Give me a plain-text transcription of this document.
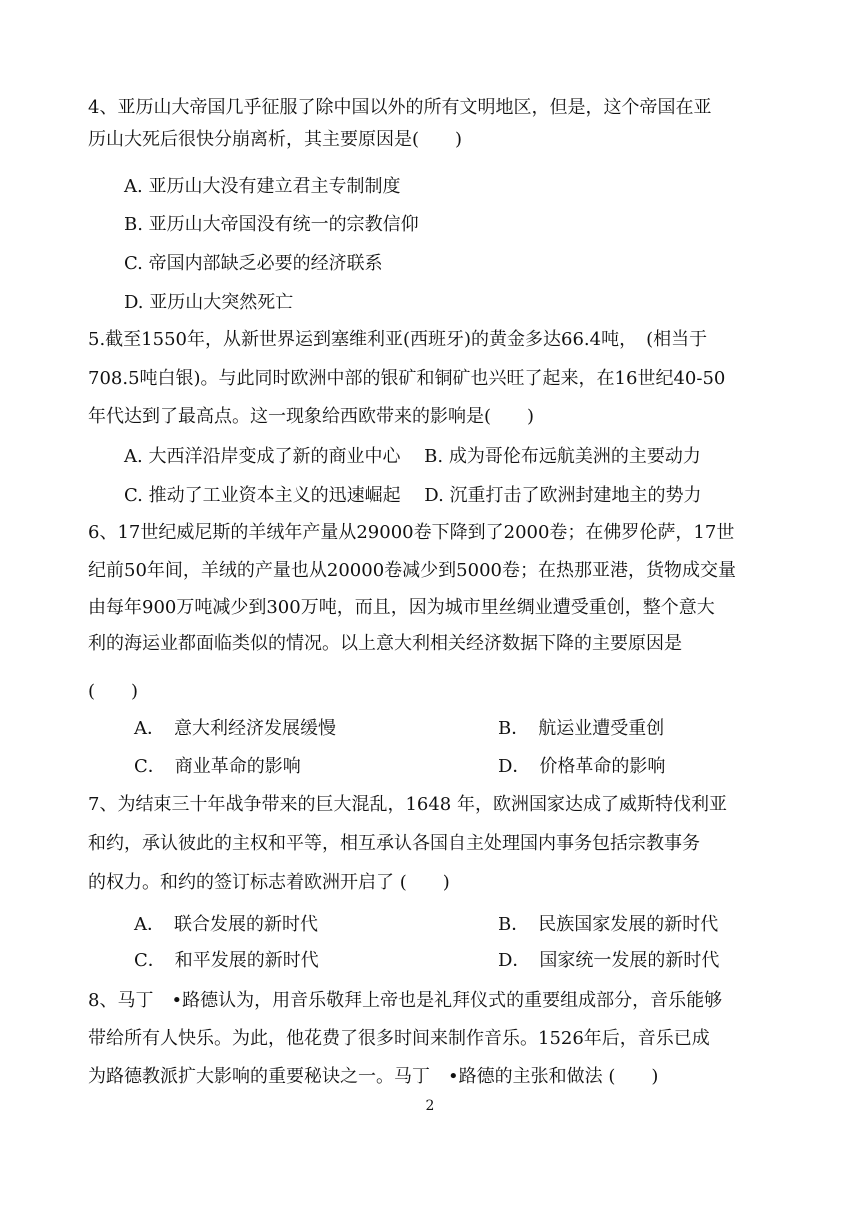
4、亚历山大帝国几乎征服了除中国以外的所有文明地区，但是，这个帝国在亚
历山大死后很快分崩离析，其主要原因是(　　)
A. 亚历山大没有建立君主专制制度
B. 亚历山大帝国没有统一的宗教信仰
C. 帝国内部缺乏必要的经济联系
D. 亚历山大突然死亡
5.截至1550年，从新世界运到塞维利亚(西班牙)的黄金多达66.4吨，　(相当于
708.5吨白银)。与此同时欧洲中部的银矿和铜矿也兴旺了起来，在16世纪40-50
年代达到了最高点。这一现象给西欧带来的影响是(　　)
A. 大西洋沿岸变成了新的商业中心　 B. 成为哥伦布远航美洲的主要动力
C. 推动了工业资本主义的迅速崛起　 D. 沉重打击了欧洲封建地主的势力
6、17世纪威尼斯的羊绒年产量从29000卷下降到了2000卷；在佛罗伦萨，17世
纪前50年间，羊绒的产量也从20000卷减少到5000卷；在热那亚港，货物成交量
由每年900万吨减少到300万吨，而且，因为城市里丝绸业遭受重创，整个意大
利的海运业都面临类似的情况。以上意大利相关经济数据下降的主要原因是
(　　)
A．　意大利经济发展缓慢	B．　航运业遭受重创
C．　商业革命的影响	D．　价格革命的影响
7、为结束三十年战争带来的巨大混乱，1648 年，欧洲国家达成了威斯特伐利亚
和约，承认彼此的主权和平等，相互承认各国自主处理国内事务包括宗教事务
的权力。和约的签订标志着欧洲开启了 (　　)
A．　联合发展的新时代	B．　民族国家发展的新时代
C．　和平发展的新时代	D．　国家统一发展的新时代
8、马丁　•路德认为，用音乐敬拜上帝也是礼拜仪式的重要组成部分，音乐能够
带给所有人快乐。为此，他花费了很多时间来制作音乐。1526年后，音乐已成
为路德教派扩大影响的重要秘诀之一。马丁　•路德的主张和做法 (　　)
2
